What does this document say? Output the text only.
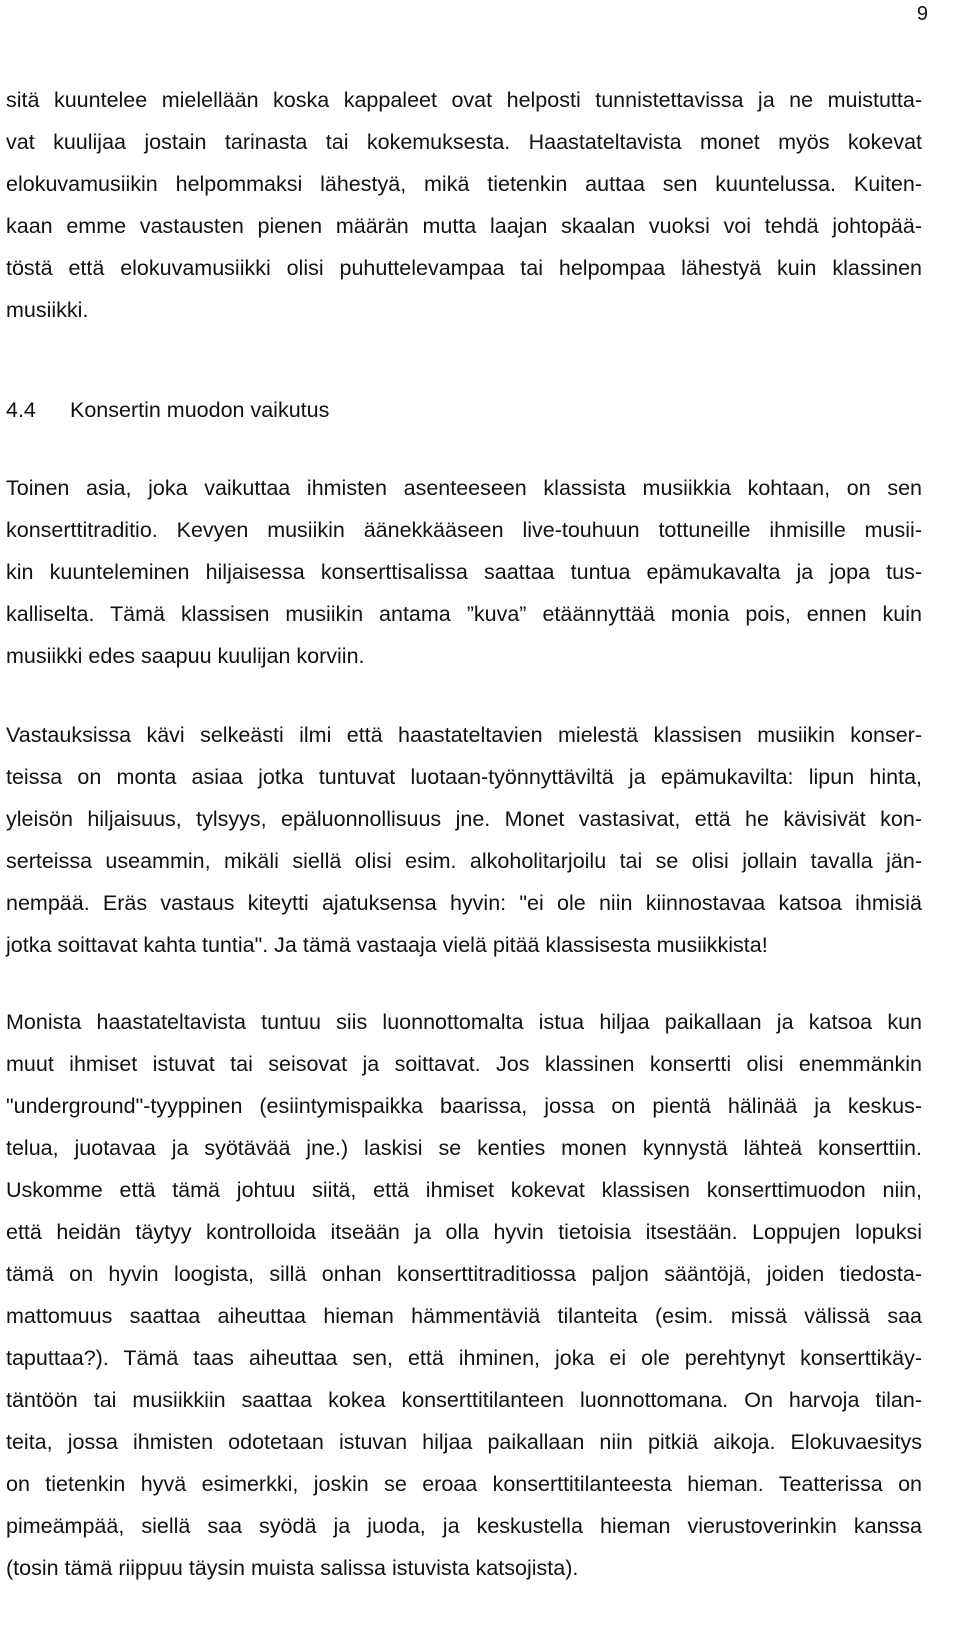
9
sitä kuuntelee mielellään koska kappaleet ovat helposti tunnistettavissa ja ne muistutta-
vat kuulijaa jostain tarinasta tai kokemuksesta. Haastateltavista monet myös kokevat
elokuvamusiikin helpommaksi lähestyä, mikä tietenkin auttaa sen kuuntelussa. Kuiten-
kaan emme vastausten pienen määrän mutta laajan skaalan vuoksi voi tehdä johtopää-
töstä että elokuvamusiikki olisi puhuttelevampaa tai helpompaa lähestyä kuin klassinen
musiikki.
4.4 Konsertin muodon vaikutus
Toinen asia, joka vaikuttaa ihmisten asenteeseen klassista musiikkia kohtaan, on sen
konserttitraditio. Kevyen musiikin äänekkääseen live-touhuun tottuneille ihmisille musii-
kin kuunteleminen hiljaisessa konserttisalissa saattaa tuntua epämukavalta ja jopa tus-
kalliselta. Tämä klassisen musiikin antama ”kuva” etäännyttää monia pois, ennen kuin
musiikki edes saapuu kuulijan korviin.
Vastauksissa kävi selkeästi ilmi että haastateltavien mielestä klassisen musiikin konser-
teissa on monta asiaa jotka tuntuvat luotaan-työnnyttäviltä ja epämukavilta: lipun hinta,
yleisön hiljaisuus, tylsyys, epäluonnollisuus jne. Monet vastasivat, että he kävisivät kon-
serteissa useammin, mikäli siellä olisi esim. alkoholitarjoilu tai se olisi jollain tavalla jän-
nempää. Eräs vastaus kiteytti ajatuksensa hyvin: "ei ole niin kiinnostavaa katsoa ihmisiä
jotka soittavat kahta tuntia". Ja tämä vastaaja vielä pitää klassisesta musiikkista!
Monista haastateltavista tuntuu siis luonnottomalta istua hiljaa paikallaan ja katsoa kun
muut ihmiset istuvat tai seisovat ja soittavat. Jos klassinen konsertti olisi enemmänkin
"underground"-tyyppinen (esiintymispaikka baarissa, jossa on pientä hälinää ja keskus-
telua, juotavaa ja syötävää jne.) laskisi se kenties monen kynnystä lähteä konserttiin.
Uskomme että tämä johtuu siitä, että ihmiset kokevat klassisen konserttimuodon niin,
että heidän täytyy kontrolloida itseään ja olla hyvin tietoisia itsestään. Loppujen lopuksi
tämä on hyvin loogista, sillä onhan konserttitraditiossa paljon sääntöjä, joiden tiedosta-
mattomuus saattaa aiheuttaa hieman hämmentäviä tilanteita (esim. missä välissä saa
taputtaa?). Tämä taas aiheuttaa sen, että ihminen, joka ei ole perehtynyt konserttikäy-
täntöön tai musiikkiin saattaa kokea konserttitilanteen luonnottomana. On harvoja tilan-
teita, jossa ihmisten odotetaan istuvan hiljaa paikallaan niin pitkiä aikoja. Elokuvaesitys
on tietenkin hyvä esimerkki, joskin se eroaa konserttitilanteesta hieman. Teatterissa on
pimeämpää, siellä saa syödä ja juoda, ja keskustella hieman vierustoverinkin kanssa
(tosin tämä riippuu täysin muista salissa istuvista katsojista).
